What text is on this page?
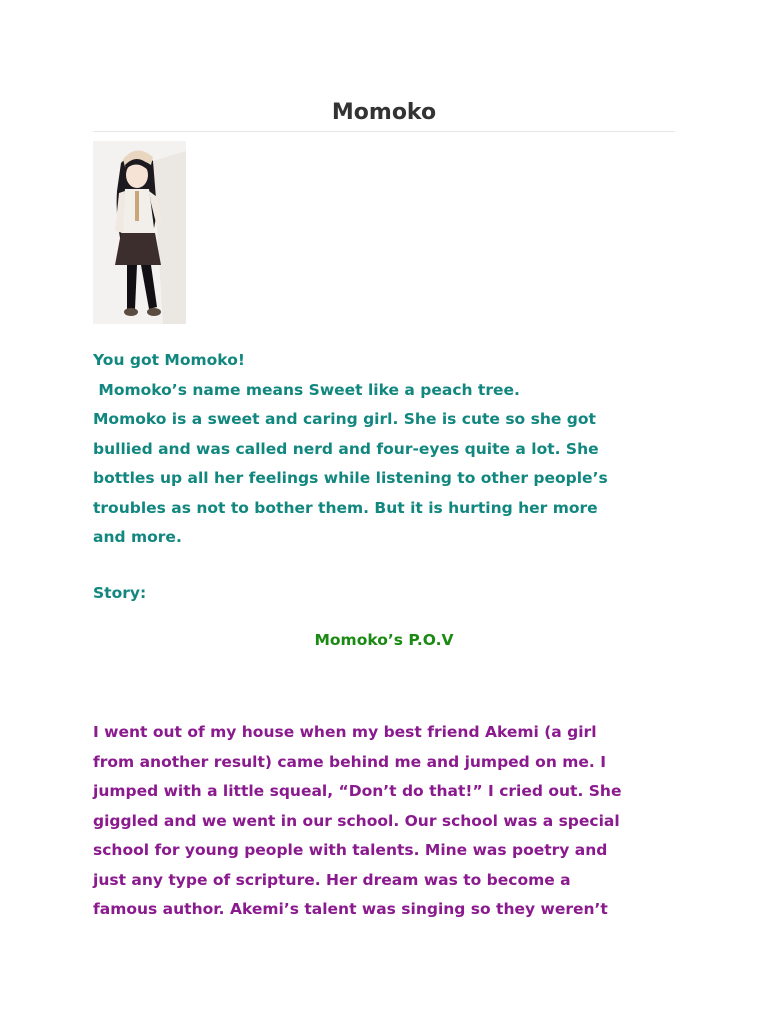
Momoko
You got Momoko!
Momoko’s name means Sweet like a peach tree.
Momoko is a sweet and caring girl. She is cute so she got
bullied and was called nerd and four-eyes quite a lot. She
bottles up all her feelings while listening to other people’s
troubles as not to bother them. But it is hurting her more
and more.
Story:
Momoko’s P.O.V
I went out of my house when my best friend Akemi (a girl
from another result) came behind me and jumped on me. I
jumped with a little squeal, “Don’t do that!” I cried out. She
giggled and we went in our school. Our school was a special
school for young people with talents. Mine was poetry and
just any type of scripture. Her dream was to become a
famous author. Akemi’s talent was singing so they weren’t
